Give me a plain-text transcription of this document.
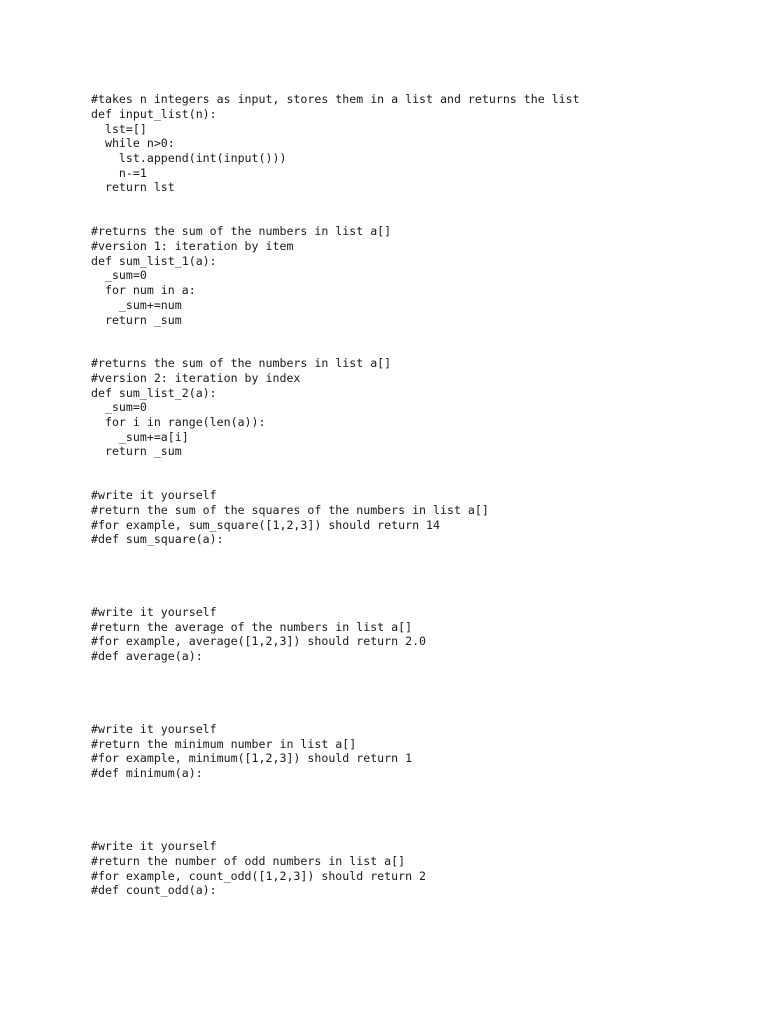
#takes n integers as input, stores them in a list and returns the list

def input_list(n):

lst=[]

while n>0:

lst.append(int(input()))

n-=1

return lst

#returns the sum of the numbers in list a[]

#version 1: iteration by item

def sum_list_1(a):

_sum=0

for num in a:

_sum+=num

return _sum

#returns the sum of the numbers in list a[]

#version 2: iteration by index

def sum_list_2(a):

_sum=0

for i in range(len(a)):

_sum+=a[i]

return _sum

#write it yourself

#return the sum of the squares of the numbers in list a[]

#for example, sum_square([1,2,3]) should return 14

#def sum_square(a):

#write it yourself

#return the average of the numbers in list a[]

#for example, average([1,2,3]) should return 2.0

#def average(a):

#write it yourself

#return the minimum number in list a[]

#for example, minimum([1,2,3]) should return 1

#def minimum(a):

#write it yourself

#return the number of odd numbers in list a[]

#for example, count_odd([1,2,3]) should return 2

#def count_odd(a):
